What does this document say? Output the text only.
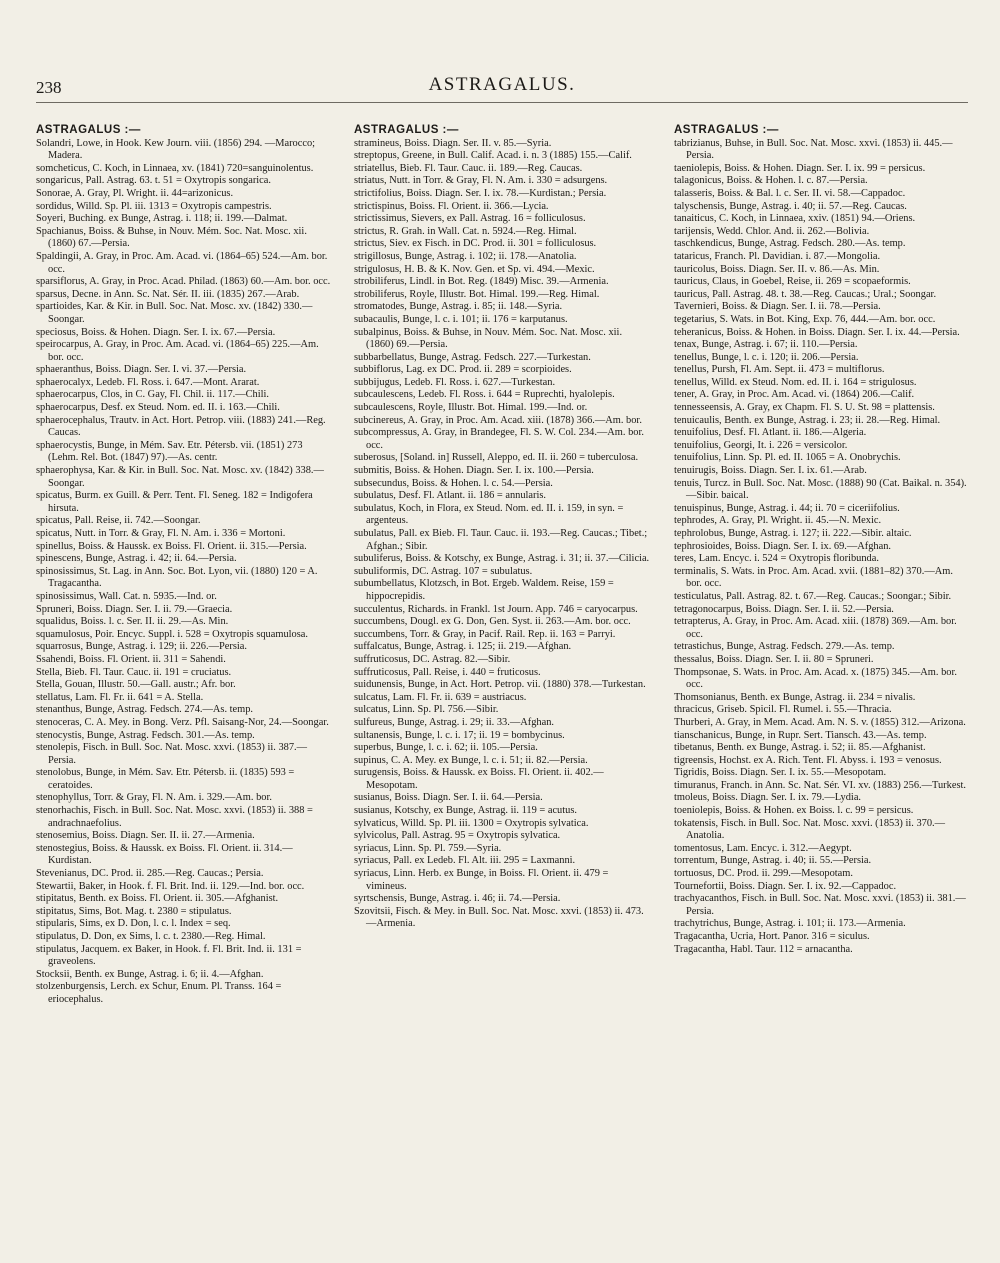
238	ASTRAGALUS.
ASTRAGALUS :—
Solandri, Lowe, in Hook. Kew Journ. viii. (1856) 294. —Marocco; Madera.
somcheticus, C. Koch, in Linnaea, xv. (1841) 720=sanguinolentus.
songaricus, Pall. Astrag. 63. t. 51 = Oxytropis songarica.
Sonorae, A. Gray, Pl. Wright. ii. 44=arizonicus.
sordidus, Willd. Sp. Pl. iii. 1313 = Oxytropis campestris.
Soyeri, Buching. ex Bunge, Astrag. i. 118; ii. 199.—Dalmat.
Spachianus, Boiss. & Buhse, in Nouv. Mém. Soc. Nat. Mosc. xii. (1860) 67.—Persia.
Spaldingii, A. Gray, in Proc. Am. Acad. vi. (1864–65) 524.—Am. bor. occ.
sparsiflorus, A. Gray, in Proc. Acad. Philad. (1863) 60.—Am. bor. occ.
sparsus, Decne. in Ann. Sc. Nat. Sér. II. iii. (1835) 267.—Arab.
spartioides, Kar. & Kir. in Bull. Soc. Nat. Mosc. xv. (1842) 330.—Soongar.
speciosus, Boiss. & Hohen. Diagn. Ser. I. ix. 67.—Persia.
speirocarpus, A. Gray, in Proc. Am. Acad. vi. (1864–65) 225.—Am. bor. occ.
sphaeranthus, Boiss. Diagn. Ser. I. vi. 37.—Persia.
sphaerocalyx, Ledeb. Fl. Ross. i. 647.—Mont. Ararat.
sphaerocarpus, Clos, in C. Gay, Fl. Chil. ii. 117.—Chili.
sphaerocarpus, Desf. ex Steud. Nom. ed. II. i. 163.—Chili.
sphaerocephalus, Trautv. in Act. Hort. Petrop. viii. (1883) 241.—Reg. Caucas.
sphaerocystis, Bunge, in Mém. Sav. Etr. Pétersb. vii. (1851) 273 (Lehm. Rel. Bot. (1847) 97).—As. centr.
sphaerophysa, Kar. & Kir. in Bull. Soc. Nat. Mosc. xv. (1842) 338.—Soongar.
spicatus, Burm. ex Guill. & Perr. Tent. Fl. Seneg. 182 = Indigofera hirsuta.
spicatus, Pall. Reise, ii. 742.—Soongar.
spicatus, Nutt. in Torr. & Gray, Fl. N. Am. i. 336 = Mortoni.
spinellus, Boiss. & Haussk. ex Boiss. Fl. Orient. ii. 315.—Persia.
spinescens, Bunge, Astrag. i. 42; ii. 64.—Persia.
spinosissimus, St. Lag. in Ann. Soc. Bot. Lyon, vii. (1880) 120 = A. Tragacantha.
spinosissimus, Wall. Cat. n. 5935.—Ind. or.
Spruneri, Boiss. Diagn. Ser. I. ii. 79.—Graecia.
squalidus, Boiss. l. c. Ser. II. ii. 29.—As. Min.
squamulosus, Poir. Encyc. Suppl. i. 528 = Oxytropis squamulosa.
squarrosus, Bunge, Astrag. i. 129; ii. 226.—Persia.
Ssahendi, Boiss. Fl. Orient. ii. 311 = Sahendi.
Stella, Bieb. Fl. Taur. Cauc. ii. 191 = cruciatus.
Stella, Gouan, Illustr. 50.—Gall. austr.; Afr. bor.
stellatus, Lam. Fl. Fr. ii. 641 = A. Stella.
stenanthus, Bunge, Astrag. Fedsch. 274.—As. temp.
stenoceras, C. A. Mey. in Bong. Verz. Pfl. Saisang-Nor, 24.—Soongar.
stenocystis, Bunge, Astrag. Fedsch. 301.—As. temp.
stenolepis, Fisch. in Bull. Soc. Nat. Mosc. xxvi. (1853) ii. 387.—Persia.
stenolobus, Bunge, in Mém. Sav. Etr. Pétersb. ii. (1835) 593 = ceratoides.
stenophyllus, Torr. & Gray, Fl. N. Am. i. 329.—Am. bor.
stenorhachis, Fisch. in Bull. Soc. Nat. Mosc. xxvi. (1853) ii. 388 = andrachnaefolius.
stenosemius, Boiss. Diagn. Ser. II. ii. 27.—Armenia.
stenostegius, Boiss. & Haussk. ex Boiss. Fl. Orient. ii. 314.—Kurdistan.
Stevenianus, DC. Prod. ii. 285.—Reg. Caucas.; Persia.
Stewartii, Baker, in Hook. f. Fl. Brit. Ind. ii. 129.—Ind. bor. occ.
stipitatus, Benth. ex Boiss. Fl. Orient. ii. 305.—Afghanist.
stipitatus, Sims, Bot. Mag. t. 2380 = stipulatus.
stipularis, Sims, ex D. Don, l. c. l. Index = seq.
stipulatus, D. Don, ex Sims, l. c. t. 2380.—Reg. Himal.
stipulatus, Jacquem. ex Baker, in Hook. f. Fl. Brit. Ind. ii. 131 = graveolens.
Stocksii, Benth. ex Bunge, Astrag. i. 6; ii. 4.—Afghan.
stolzenburgensis, Lerch. ex Schur, Enum. Pl. Transs. 164 = eriocephalus.
ASTRAGALUS :—
stramineus, Boiss. Diagn. Ser. II. v. 85.—Syria.
streptopus, Greene, in Bull. Calif. Acad. i. n. 3 (1885) 155.—Calif.
striatellus, Bieb. Fl. Taur. Cauc. ii. 189.—Reg. Caucas.
striatus, Nutt. in Torr. & Gray, Fl. N. Am. i. 330 = adsurgens.
strictifolius, Boiss. Diagn. Ser. I. ix. 78.—Kurdistan.; Persia.
strictispinus, Boiss. Fl. Orient. ii. 366.—Lycia.
strictissimus, Sievers, ex Pall. Astrag. 16 = folliculosus.
strictus, R. Grah. in Wall. Cat. n. 5924.—Reg. Himal.
strictus, Siev. ex Fisch. in DC. Prod. ii. 301 = folliculosus.
strigillosus, Bunge, Astrag. i. 102; ii. 178.—Anatolia.
strigulosus, H. B. & K. Nov. Gen. et Sp. vi. 494.—Mexic.
strobiliferus, Lindl. in Bot. Reg. (1849) Misc. 39.—Armenia.
strobiliferus, Royle, Illustr. Bot. Himal. 199.—Reg. Himal.
stromatodes, Bunge, Astrag. i. 85; ii. 148.—Syria.
subacaulis, Bunge, l. c. i. 101; ii. 176 = karputanus.
subalpinus, Boiss. & Buhse, in Nouv. Mém. Soc. Nat. Mosc. xii. (1860) 69.—Persia.
subbarbellatus, Bunge, Astrag. Fedsch. 227.—Turkestan.
subbiflorus, Lag. ex DC. Prod. ii. 289 = scorpioides.
subbijugus, Ledeb. Fl. Ross. i. 627.—Turkestan.
subcaulescens, Ledeb. Fl. Ross. i. 644 = Ruprechti, hyalolepis.
subcaulescens, Royle, Illustr. Bot. Himal. 199.—Ind. or.
subcinereus, A. Gray, in Proc. Am. Acad. xiii. (1878) 366.—Am. bor.
subcompressus, A. Gray, in Brandegee, Fl. S. W. Col. 234.—Am. bor. occ.
suberosus, [Soland. in] Russell, Aleppo, ed. II. ii. 260 = tuberculosa.
submitis, Boiss. & Hohen. Diagn. Ser. I. ix. 100.—Persia.
subsecundus, Boiss. & Hohen. l. c. 54.—Persia.
subulatus, Desf. Fl. Atlant. ii. 186 = annularis.
subulatus, Koch, in Flora, ex Steud. Nom. ed. II. i. 159, in syn. = argenteus.
subulatus, Pall. ex Bieb. Fl. Taur. Cauc. ii. 193.—Reg. Caucas.; Tibet.; Afghan.; Sibir.
subuliferus, Boiss. & Kotschy, ex Bunge, Astrag. i. 31; ii. 37.—Cilicia.
subuliformis, DC. Astrag. 107 = subulatus.
subumbellatus, Klotzsch, in Bot. Ergeb. Waldem. Reise, 159 = hippocrepidis.
succulentus, Richards. in Frankl. 1st Journ. App. 746 = caryocarpus.
succumbens, Dougl. ex G. Don, Gen. Syst. ii. 263.—Am. bor. occ.
succumbens, Torr. & Gray, in Pacif. Rail. Rep. ii. 163 = Parryi.
suffalcatus, Bunge, Astrag. i. 125; ii. 219.—Afghan.
suffruticosus, DC. Astrag. 82.—Sibir.
suffruticosus, Pall. Reise, i. 440 = fruticosus.
suidunensis, Bunge, in Act. Hort. Petrop. vii. (1880) 378.—Turkestan.
sulcatus, Lam. Fl. Fr. ii. 639 = austriacus.
sulcatus, Linn. Sp. Pl. 756.—Sibir.
sulfureus, Bunge, Astrag. i. 29; ii. 33.—Afghan.
sultanensis, Bunge, l. c. i. 17; ii. 19 = bombycinus.
superbus, Bunge, l. c. i. 62; ii. 105.—Persia.
supinus, C. A. Mey. ex Bunge, l. c. i. 51; ii. 82.—Persia.
surugensis, Boiss. & Haussk. ex Boiss. Fl. Orient. ii. 402.—Mesopotam.
susianus, Boiss. Diagn. Ser. I. ii. 64.—Persia.
susianus, Kotschy, ex Bunge, Astrag. ii. 119 = acutus.
sylvaticus, Willd. Sp. Pl. iii. 1300 = Oxytropis sylvatica.
sylvicolus, Pall. Astrag. 95 = Oxytropis sylvatica.
syriacus, Linn. Sp. Pl. 759.—Syria.
syriacus, Pall. ex Ledeb. Fl. Alt. iii. 295 = Laxmanni.
syriacus, Linn. Herb. ex Bunge, in Boiss. Fl. Orient. ii. 479 = vimineus.
syrtschensis, Bunge, Astrag. i. 46; ii. 74.—Persia.
Szovitsii, Fisch. & Mey. in Bull. Soc. Nat. Mosc. xxvi. (1853) ii. 473.—Armenia.
ASTRAGALUS :—
tabrizianus, Buhse, in Bull. Soc. Nat. Mosc. xxvi. (1853) ii. 445.—Persia.
taeniolepis, Boiss. & Hohen. Diagn. Ser. I. ix. 99 = persicus.
talagonicus, Boiss. & Hohen. l. c. 87.—Persia.
talasseris, Boiss. & Bal. l. c. Ser. II. vi. 58.—Cappadoc.
talyschensis, Bunge, Astrag. i. 40; ii. 57.—Reg. Caucas.
tanaiticus, C. Koch, in Linnaea, xxiv. (1851) 94.—Oriens.
tarijensis, Wedd. Chlor. And. ii. 262.—Bolivia.
taschkendicus, Bunge, Astrag. Fedsch. 280.—As. temp.
tataricus, Franch. Pl. Davidian. i. 87.—Mongolia.
tauricolus, Boiss. Diagn. Ser. II. v. 86.—As. Min.
tauricus, Claus, in Goebel, Reise, ii. 269 = scopaeformis.
tauricus, Pall. Astrag. 48. t. 38.—Reg. Caucas.; Ural.; Soongar.
Tavernieri, Boiss. & Diagn. Ser. I. ii. 78.—Persia.
tegetarius, S. Wats. in Bot. King, Exp. 76, 444.—Am. bor. occ.
teheranicus, Boiss. & Hohen. in Boiss. Diagn. Ser. I. ix. 44.—Persia.
tenax, Bunge, Astrag. i. 67; ii. 110.—Persia.
tenellus, Bunge, l. c. i. 120; ii. 206.—Persia.
tenellus, Pursh, Fl. Am. Sept. ii. 473 = multiflorus.
tenellus, Willd. ex Steud. Nom. ed. II. i. 164 = strigulosus.
tener, A. Gray, in Proc. Am. Acad. vi. (1864) 206.—Calif.
tennesseensis, A. Gray, ex Chapm. Fl. S. U. St. 98 = plattensis.
tenuicaulis, Benth. ex Bunge, Astrag. i. 23; ii. 28.—Reg. Himal.
tenuifolius, Desf. Fl. Atlant. ii. 186.—Algeria.
tenuifolius, Georgi, It. i. 226 = versicolor.
tenuifolius, Linn. Sp. Pl. ed. II. 1065 = A. Onobrychis.
tenuirugis, Boiss. Diagn. Ser. I. ix. 61.—Arab.
tenuis, Turcz. in Bull. Soc. Nat. Mosc. (1888) 90 (Cat. Baikal. n. 354).—Sibir. baical.
tenuispinus, Bunge, Astrag. i. 44; ii. 70 = ciceriifolius.
tephrodes, A. Gray, Pl. Wright. ii. 45.—N. Mexic.
tephrolobus, Bunge, Astrag. i. 127; ii. 222.—Sibir. altaic.
tephrosioides, Boiss. Diagn. Ser. I. ix. 69.—Afghan.
teres, Lam. Encyc. i. 524 = Oxytropis floribunda.
terminalis, S. Wats. in Proc. Am. Acad. xvii. (1881–82) 370.—Am. bor. occ.
testiculatus, Pall. Astrag. 82. t. 67.—Reg. Caucas.; Soongar.; Sibir.
tetragonocarpus, Boiss. Diagn. Ser. I. ii. 52.—Persia.
tetrapterus, A. Gray, in Proc. Am. Acad. xiii. (1878) 369.—Am. bor. occ.
tetrastichus, Bunge, Astrag. Fedsch. 279.—As. temp.
thessalus, Boiss. Diagn. Ser. I. ii. 80 = Spruneri.
Thompsonae, S. Wats. in Proc. Am. Acad. x. (1875) 345.—Am. bor. occ.
Thomsonianus, Benth. ex Bunge, Astrag. ii. 234 = nivalis.
thracicus, Griseb. Spicil. Fl. Rumel. i. 55.—Thracia.
Thurberi, A. Gray, in Mem. Acad. Am. N. S. v. (1855) 312.—Arizona.
tianschanicus, Bunge, in Rupr. Sert. Tiansch. 43.—As. temp.
tibetanus, Benth. ex Bunge, Astrag. i. 52; ii. 85.—Afghanist.
tigreensis, Hochst. ex A. Rich. Tent. Fl. Abyss. i. 193 = venosus.
Tigridis, Boiss. Diagn. Ser. I. ix. 55.—Mesopotam.
timuranus, Franch. in Ann. Sc. Nat. Sér. VI. xv. (1883) 256.—Turkest.
tmoleus, Boiss. Diagn. Ser. I. ix. 79.—Lydia.
toeniolepis, Boiss. & Hohen. ex Boiss. l. c. 99 = persicus.
tokatensis, Fisch. in Bull. Soc. Nat. Mosc. xxvi. (1853) ii. 370.—Anatolia.
tomentosus, Lam. Encyc. i. 312.—Aegypt.
torrentum, Bunge, Astrag. i. 40; ii. 55.—Persia.
tortuosus, DC. Prod. ii. 299.—Mesopotam.
Tournefortii, Boiss. Diagn. Ser. I. ix. 92.—Cappadoc.
trachyacanthos, Fisch. in Bull. Soc. Nat. Mosc. xxvi. (1853) ii. 381.—Persia.
trachytrichus, Bunge, Astrag. i. 101; ii. 173.—Armenia.
Tragacantha, Ucria, Hort. Panor. 316 = siculus.
Tragacantha, Habl. Taur. 112 = arnacantha.
